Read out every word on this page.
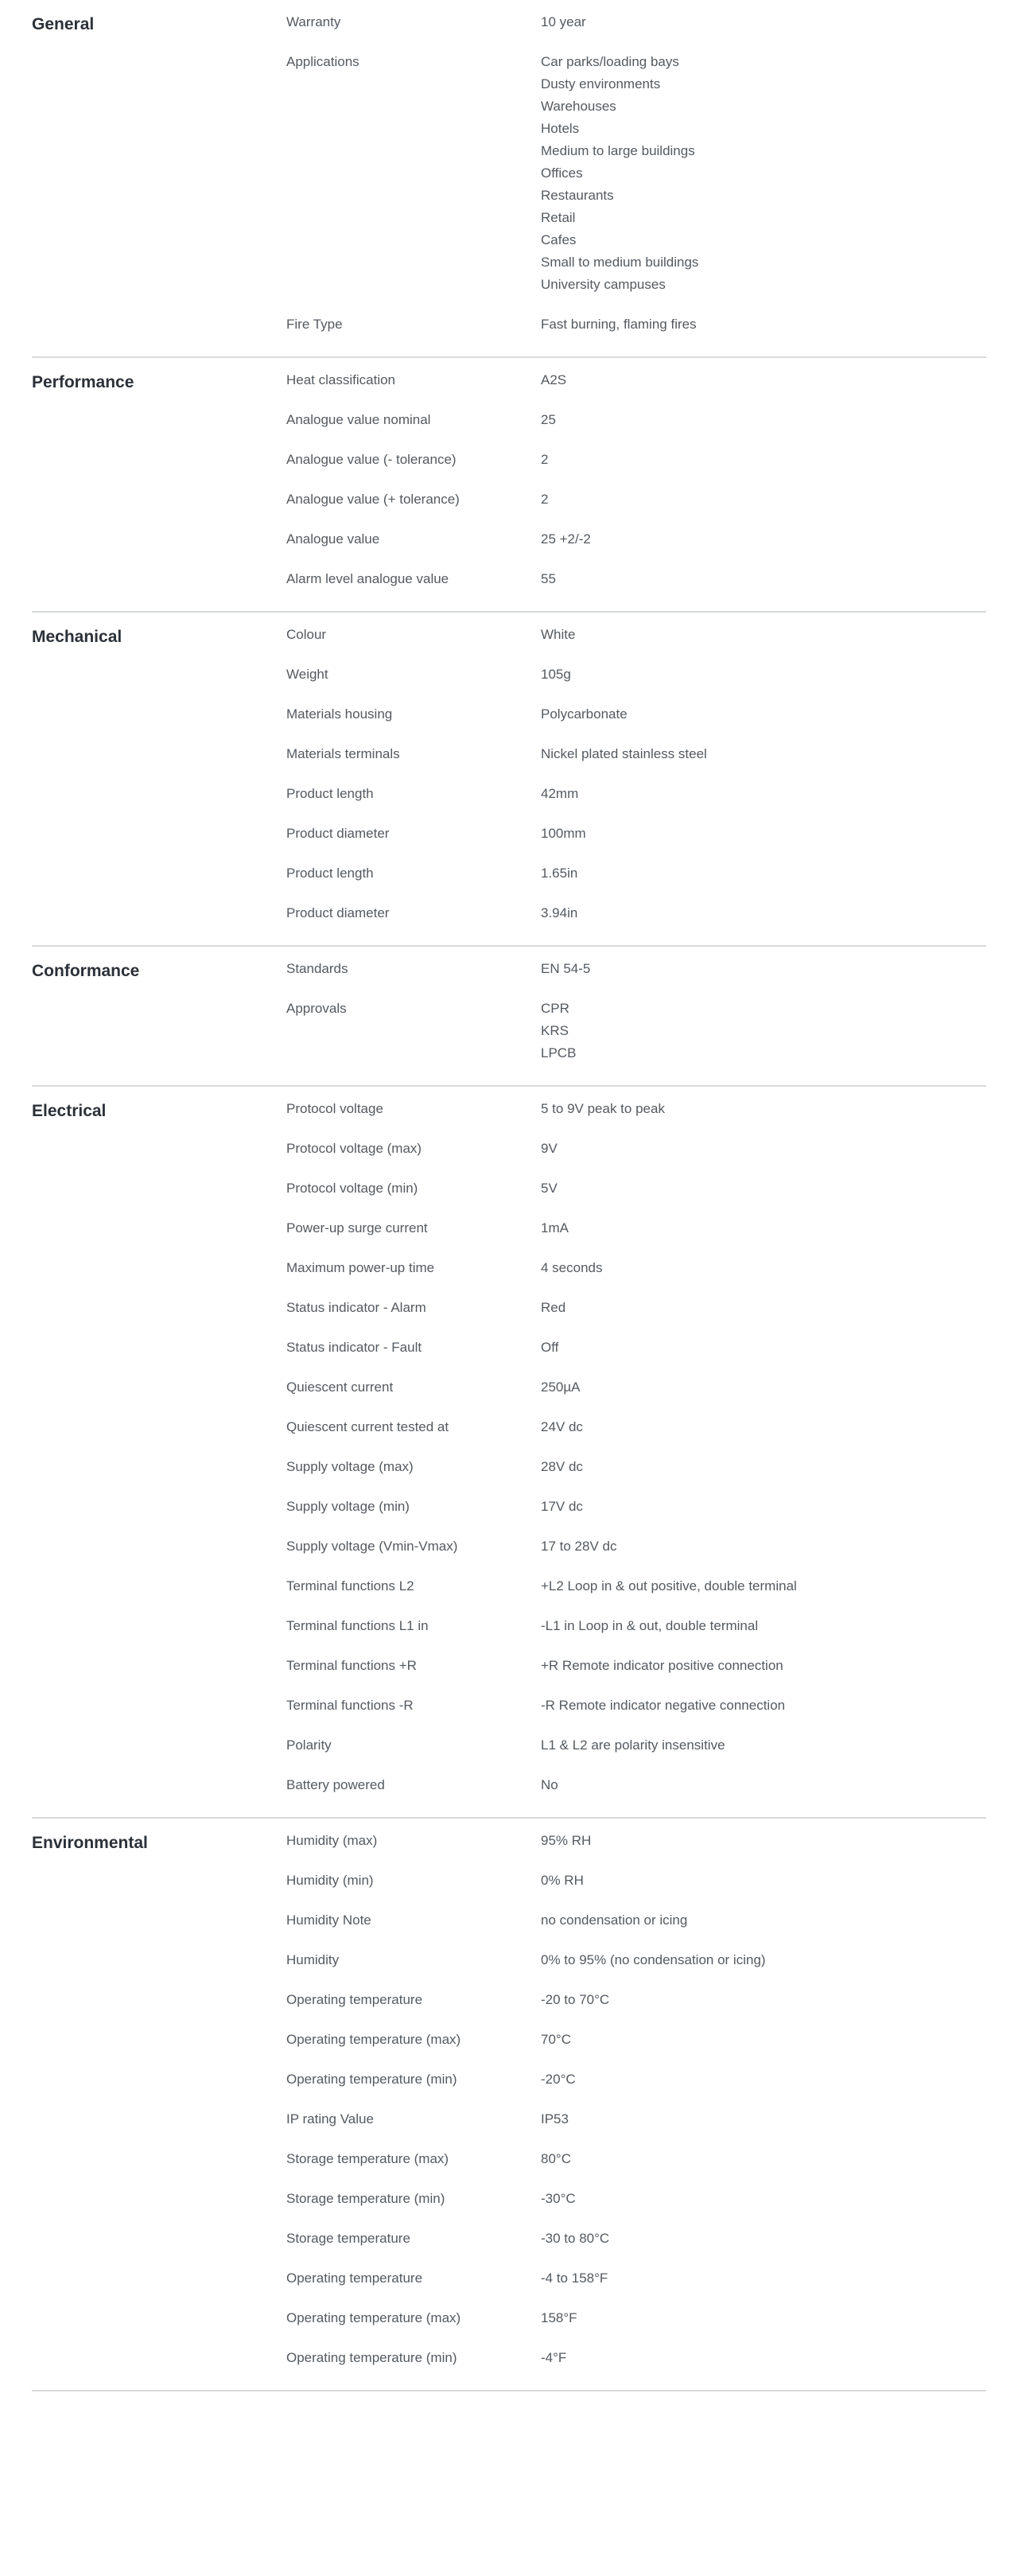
General	Warranty	10 year
Applications	Car parks/loading bays
Dusty environments
Warehouses
Hotels
Medium to large buildings
Offices
Restaurants
Retail
Cafes
Small to medium buildings
University campuses
Fire Type	Fast burning, flaming fires
Performance	Heat classification	A2S
Analogue value nominal	25
Analogue value (- tolerance)	2
Analogue value (+ tolerance)	2
Analogue value	25 +2/-2
Alarm level analogue value	55
Mechanical	Colour	White
Weight	105g
Materials housing	Polycarbonate
Materials terminals	Nickel plated stainless steel
Product length	42mm
Product diameter	100mm
Product length	1.65in
Product diameter	3.94in
Conformance	Standards	EN 54-5
Approvals	CPR
KRS
LPCB
Electrical	Protocol voltage	5 to 9V peak to peak
Protocol voltage (max)	9V
Protocol voltage (min)	5V
Power-up surge current	1mA
Maximum power-up time	4 seconds
Status indicator - Alarm	Red
Status indicator - Fault	Off
Quiescent current	250µA
Quiescent current tested at	24V dc
Supply voltage (max)	28V dc
Supply voltage (min)	17V dc
Supply voltage (Vmin-Vmax)	17 to 28V dc
Terminal functions L2	+L2 Loop in & out positive, double terminal
Terminal functions L1 in	-L1 in Loop in & out, double terminal
Terminal functions +R	+R Remote indicator positive connection
Terminal functions -R	-R Remote indicator negative connection
Polarity	L1 & L2 are polarity insensitive
Battery powered	No
Environmental	Humidity (max)	95% RH
Humidity (min)	0% RH
Humidity Note	no condensation or icing
Humidity	0% to 95% (no condensation or icing)
Operating temperature	-20 to 70°C
Operating temperature (max)	70°C
Operating temperature (min)	-20°C
IP rating Value	IP53
Storage temperature (max)	80°C
Storage temperature (min)	-30°C
Storage temperature	-30 to 80°C
Operating temperature	-4 to 158°F
Operating temperature (max)	158°F
Operating temperature (min)	-4°F
